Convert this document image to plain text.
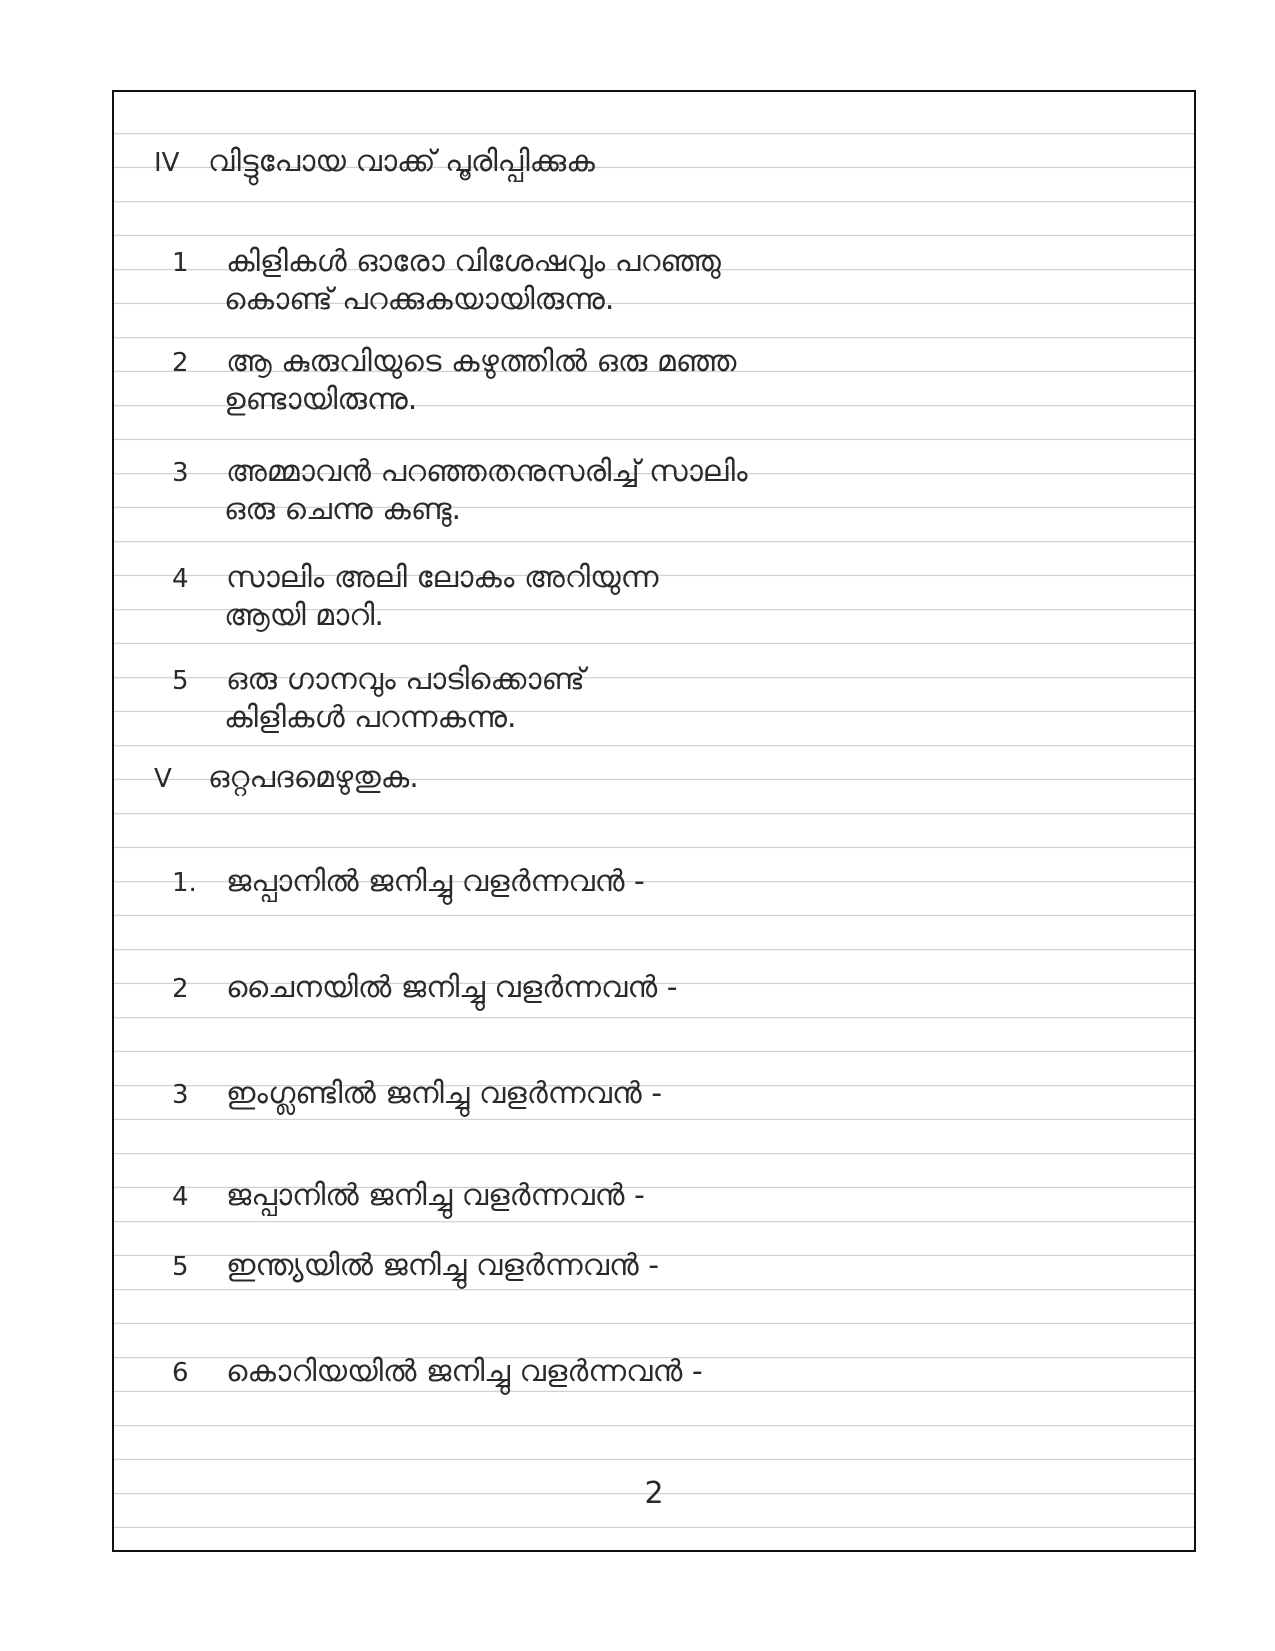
IV വിട്ടുപോയ വാക്ക് പൂരിപ്പിക്കുക
1 കിളികൾ ഓരോ വിശേഷവും പറഞ്ഞു
കൊണ്ട് പറക്കുകയായിരുന്നു.
2 ആ കുരുവിയുടെ കഴുത്തിൽ ഒരു മഞ്ഞ
ഉണ്ടായിരുന്നു.
3 അമ്മാവൻ പറഞ്ഞതനുസരിച്ച് സാലിം
ഒരു ചെന്നു കണ്ടു.
4 സാലിം അലി ലോകം അറിയുന്ന
ആയി മാറി.
5 ഒരു ഗാനവും പാടിക്കൊണ്ട്
കിളികൾ പറന്നകന്നു.
V ഒറ്റപദമെഴുതുക.
1. ജപ്പാനിൽ ജനിച്ചു വളർന്നവൻ -
2 ചൈനയിൽ ജനിച്ചു വളർന്നവൻ -
3 ഇംഗ്ലണ്ടിൽ ജനിച്ചു വളർന്നവൻ -
4 ജപ്പാനിൽ ജനിച്ചു വളർന്നവൻ -
5 ഇന്ത്യയിൽ ജനിച്ചു വളർന്നവൻ -
6 കൊറിയയിൽ ജനിച്ചു വളർന്നവൻ -
2
